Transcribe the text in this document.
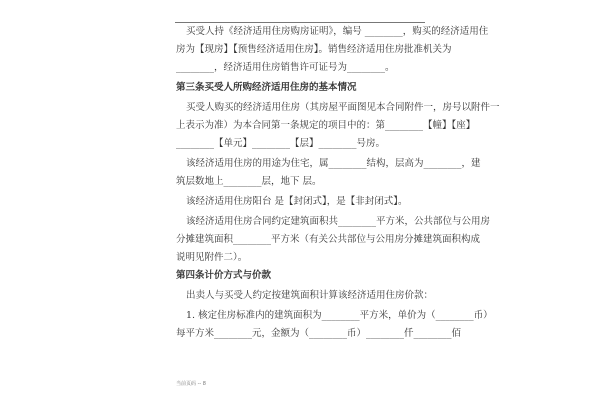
买受人持《经济适用住房购房证明》，编号 ________，购买的经济适用住
房为【现房】【预售经济适用住房】。销售经济适用住房批准机关为
________，经济适用住房销售许可证号为________。
第三条买受人所购经济适用住房的基本情况
买受人购买的经济适用住房（其房屋平面图见本合同附件一，房号以附件一
上表示为准）为本合同第一条规定的项目中的：第________【幢】【座】
________【单元】________【层】________号房。
该经济适用住房的用途为住宅，属________结构，层高为________，建
筑层数地上________层，地下 层。
该经济适用住房阳台 是【封闭式】，是【非封闭式】。
该经济适用住房合同约定建筑面积共________平方米，公共部位与公用房
分摊建筑面积________平方米（有关公共部位与公用房分摊建筑面积构成
说明见附件二）。
第四条计价方式与价款
出卖人与买受人约定按建筑面积计算该经济适用住房价款：
1. 核定住房标准内的建筑面积为________平方米，单价为（________币）
每平方米________元，金额为（________币）________仟________佰
当前页码 -- 8
